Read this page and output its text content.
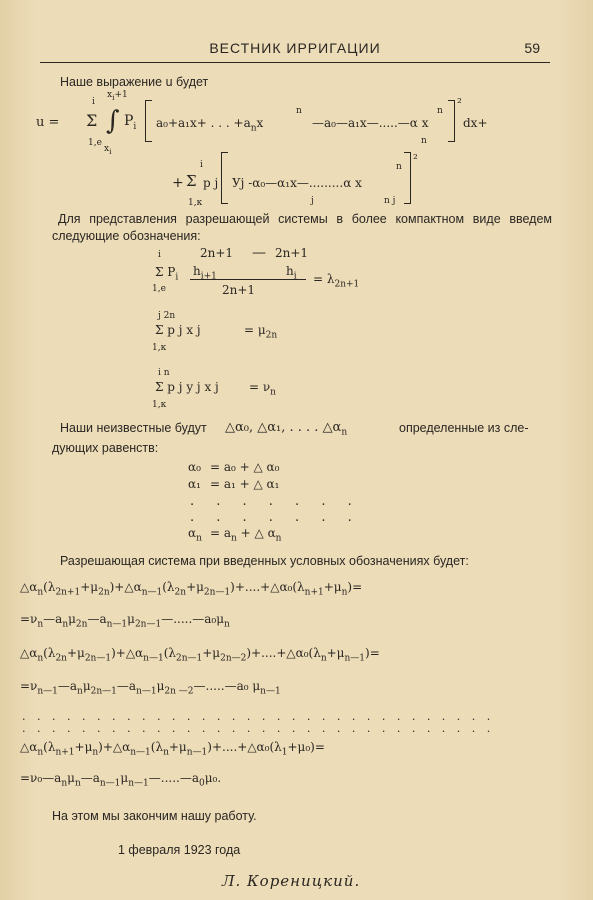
ВЕСТНИК ИРРИГАЦИИ	59
Наше выражение u будет
i
u = Σ
1,e
∫
$x_i+1$
$x_i$
$P_i$ a₀+a₁x+ . . . $+a_nx$
n
—a₀—a₁x—.....—α x
n
n
²
dx+
i
+ Σ
1,к
p j Уj -α₀—α₁x—.........α x
j	n j
n
²
Для представления разрешающей системы в более компактном виде введем следующие обозначения:
i
Σ $P_i$
1,e
2n+1
$h_{i+1}$
— 2n+1
$h_i$
2n+1
= $\lambda_{2n+1}$
j 2n
Σ p j x j
1,к
= $\mu_{2n}$
i n
Σ p j y j x j
1,к
= $\nu_n$
Наши неизвестные будут △α₀, △α₁, . . . . $\triangle\alpha_n$	определенные из сле-
дующих равенств:
α₀ = a₀ + △ α₀
α₁ = a₁ + △ α₁
. . . . . . .
. . . . . . .
$\alpha_n = a_n$ + △ $\alpha_n$
Разрешающая система при введенных условных обозначениях будет:
$\triangle\alpha_n(\lambda_{2n+1}+\mu_{2n})+\triangle\alpha_{n—1}(\lambda_{2n}+\mu_{2n—1})+....+\triangle\alpha_0(\lambda_{n+1}+\mu_n)=$
$=\nu_n—a_n\mu_{2n}—a_{n—1}\mu_{2n—1}—.....—a_0\mu_n$
$\triangle\alpha_n(\lambda_{2n}+\mu_{2n—1})+\triangle\alpha_{n—1}(\lambda_{2n—1}+\mu_{2n—2})+....+\triangle\alpha_0(\lambda_n+\mu_{n—1})=$
$=\nu_{n—1}—a_n\mu_{2n—1}—a_{n—1}\mu_{2n —2}—.....—a_0$ $\mu_{n—1}$
. . . . . . . . . . . . . . . . . . . . . . . . . . . . . . . .
. . . . . . . . . . . . . . . . . . . . . . . . . . . . . . . .
$\triangle\alpha_n(\lambda_{n+1}+\mu_n)+\triangle\alpha_{n—1}(\lambda_n+\mu_{n—1})+....+\triangle\alpha_0(\lambda_1+\mu_0)=$
$=\nu_0—a_n\mu_n—a_{n—1}\mu_{n—1}—.....—a_0\mu_0$.
На этом мы закончим нашу работу.
1 февраля 1923 года
Л. Кореницкий.
